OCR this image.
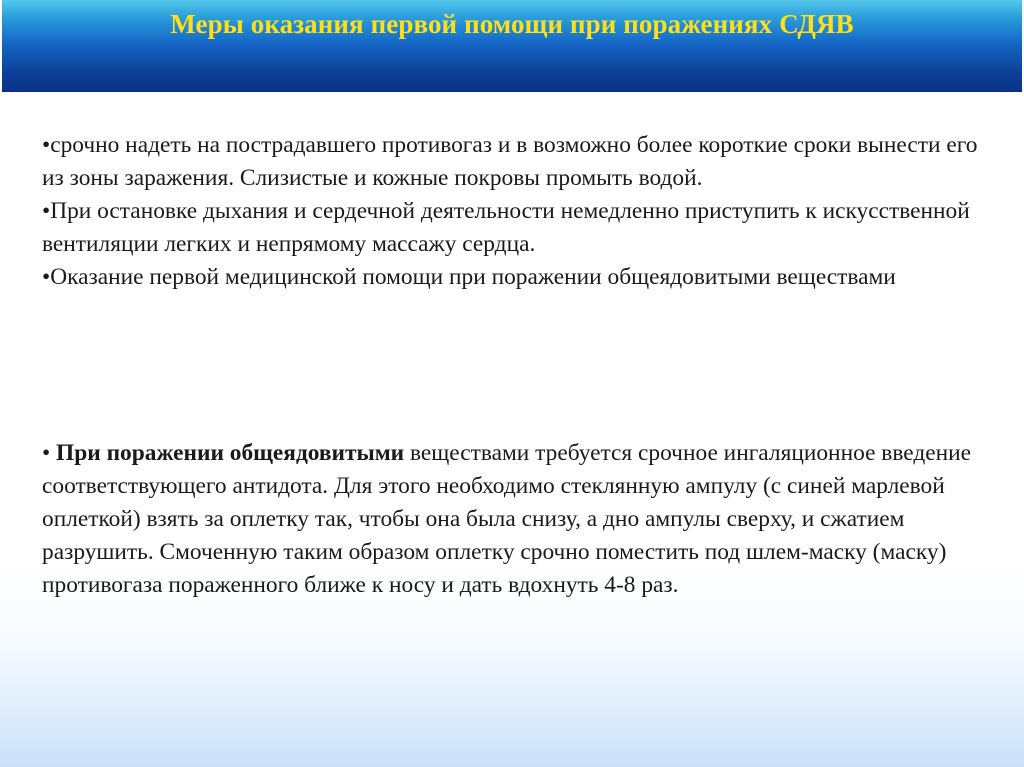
Меры оказания первой помощи при поражениях СДЯВ

•срочно надеть на пострадавшего противогаз и в возможно более короткие сроки вынести его из зоны заражения. Слизистые и кожные покровы промыть водой.

•При остановке дыхания и сердечной деятельности немедленно приступить к искусственной вентиляции легких и непрямому массажу сердца.

•Оказание первой медицинской помощи при поражении общеядовитыми веществами

• При поражении общеядовитыми веществами требуется срочное ингаляционное введение соответствующего антидота. Для этого необходимо стеклянную ампулу (с синей марлевой оплеткой) взять за оплетку так, чтобы она была снизу, а дно ампулы сверху, и сжатием разрушить. Смоченную таким образом оплетку срочно поместить под шлем-маску (маску) противогаза пораженного ближе к носу и дать вдохнуть 4-8 раз.
